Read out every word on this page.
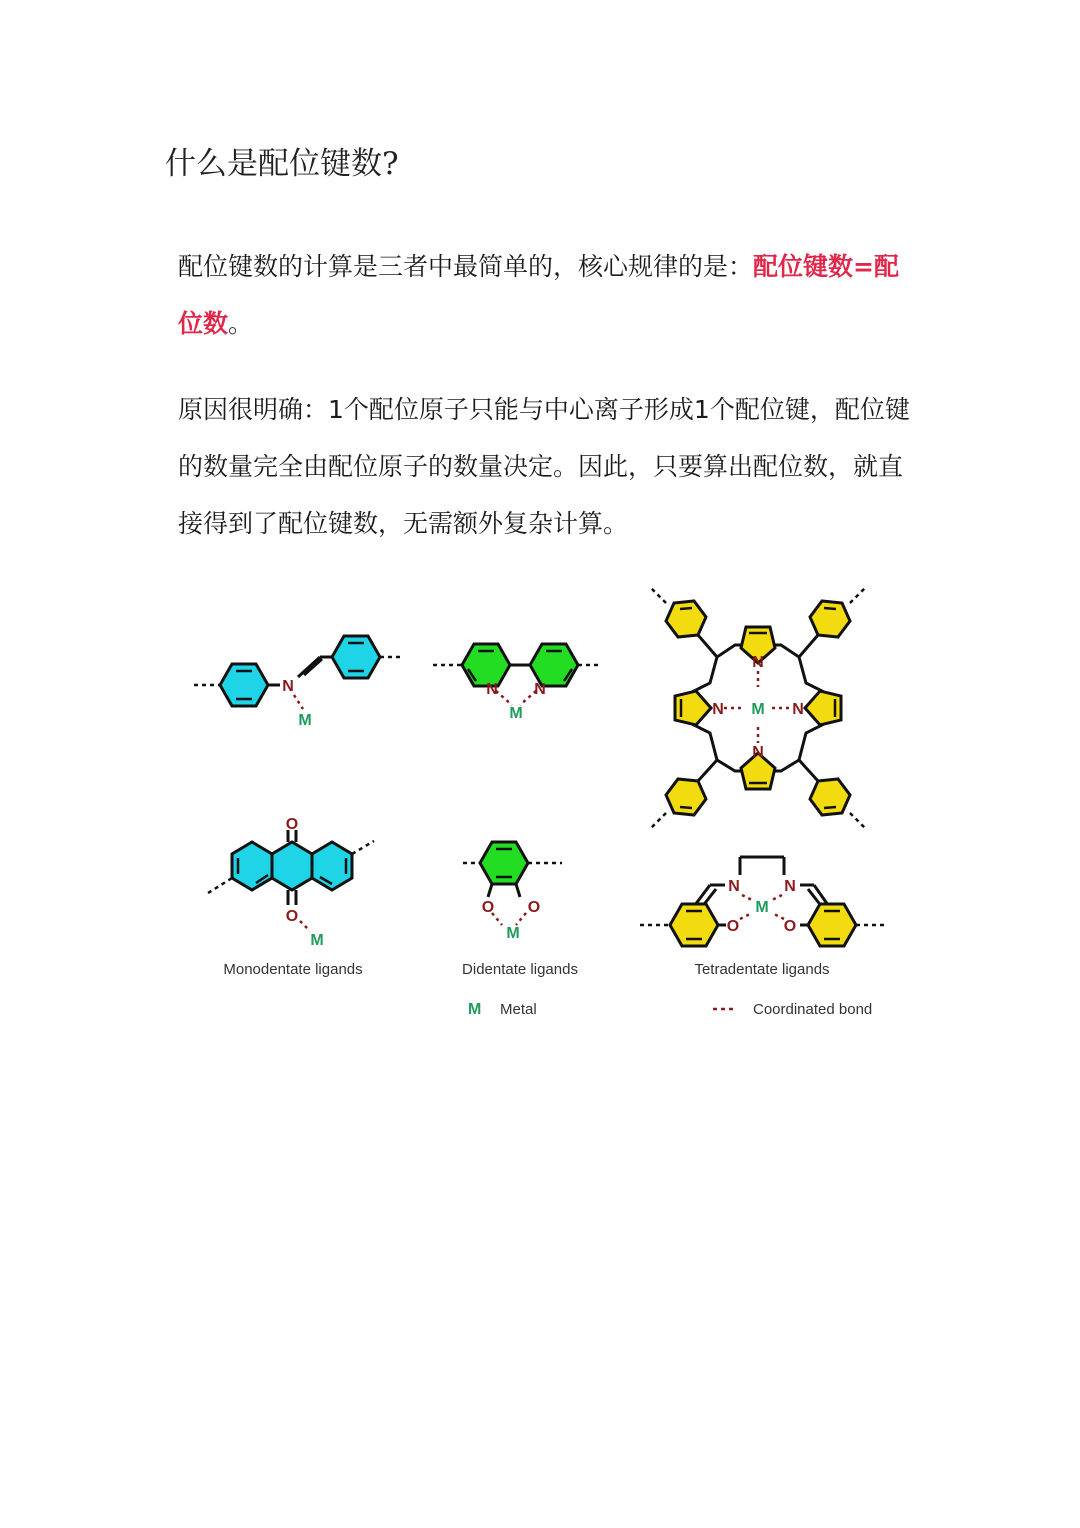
什么是配位键数?
配位键数的计算是三者中最简单的，核心规律的是：配位键数=配位数。
原因很明确：1个配位原子只能与中心离子形成1个配位键，配位键的数量完全由配位原子的数量决定。因此，只要算出配位数，就直接得到了配位键数，无需额外复杂计算。
N
M
N N
M
N
N
N	N
M
O
O
M
O O
M
N	N
O	O
M
Monodentate ligands	Didentate ligands	Tetradentate ligands
M Metal	Coordinated bond
